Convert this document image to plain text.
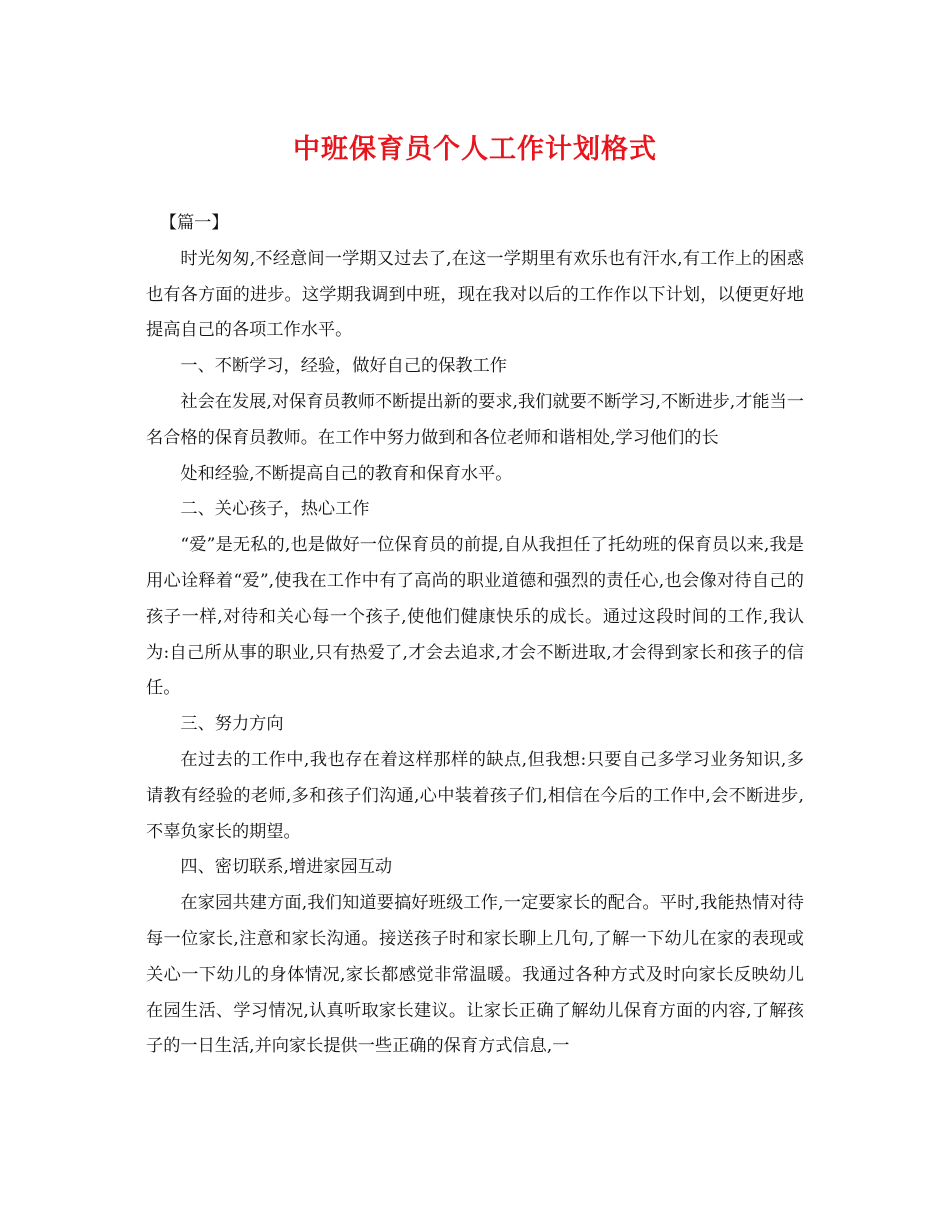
中班保育员个人工作计划格式

【篇一】

时光匆匆,不经意间一学期又过去了,在这一学期里有欢乐也有汗水,有工作上的困惑也有各方面的进步。这学期我调到中班，现在我对以后的工作作以下计划，以便更好地提高自己的各项工作水平。

一、不断学习，经验，做好自己的保教工作

社会在发展,对保育员教师不断提出新的要求,我们就要不断学习,不断进步,才能当一名合格的保育员教师。在工作中努力做到和各位老师和谐相处,学习他们的长

处和经验,不断提高自己的教育和保育水平。

二、关心孩子，热心工作

“爱”是无私的,也是做好一位保育员的前提,自从我担任了托幼班的保育员以来,我是用心诠释着“爱”,使我在工作中有了高尚的职业道德和强烈的责任心,也会像对待自己的孩子一样,对待和关心每一个孩子,使他们健康快乐的成长。通过这段时间的工作,我认为:自己所从事的职业,只有热爱了,才会去追求,才会不断进取,才会得到家长和孩子的信任。

三、努力方向

在过去的工作中,我也存在着这样那样的缺点,但我想:只要自己多学习业务知识,多请教有经验的老师,多和孩子们沟通,心中装着孩子们,相信在今后的工作中,会不断进步,不辜负家长的期望。

四、密切联系,增进家园互动

在家园共建方面,我们知道要搞好班级工作,一定要家长的配合。平时,我能热情对待每一位家长,注意和家长沟通。接送孩子时和家长聊上几句,了解一下幼儿在家的表现或关心一下幼儿的身体情况,家长都感觉非常温暖。我通过各种方式及时向家长反映幼儿在园生活、学习情况,认真听取家长建议。让家长正确了解幼儿保育方面的内容,了解孩子的一日生活,并向家长提供一些正确的保育方式信息,一
